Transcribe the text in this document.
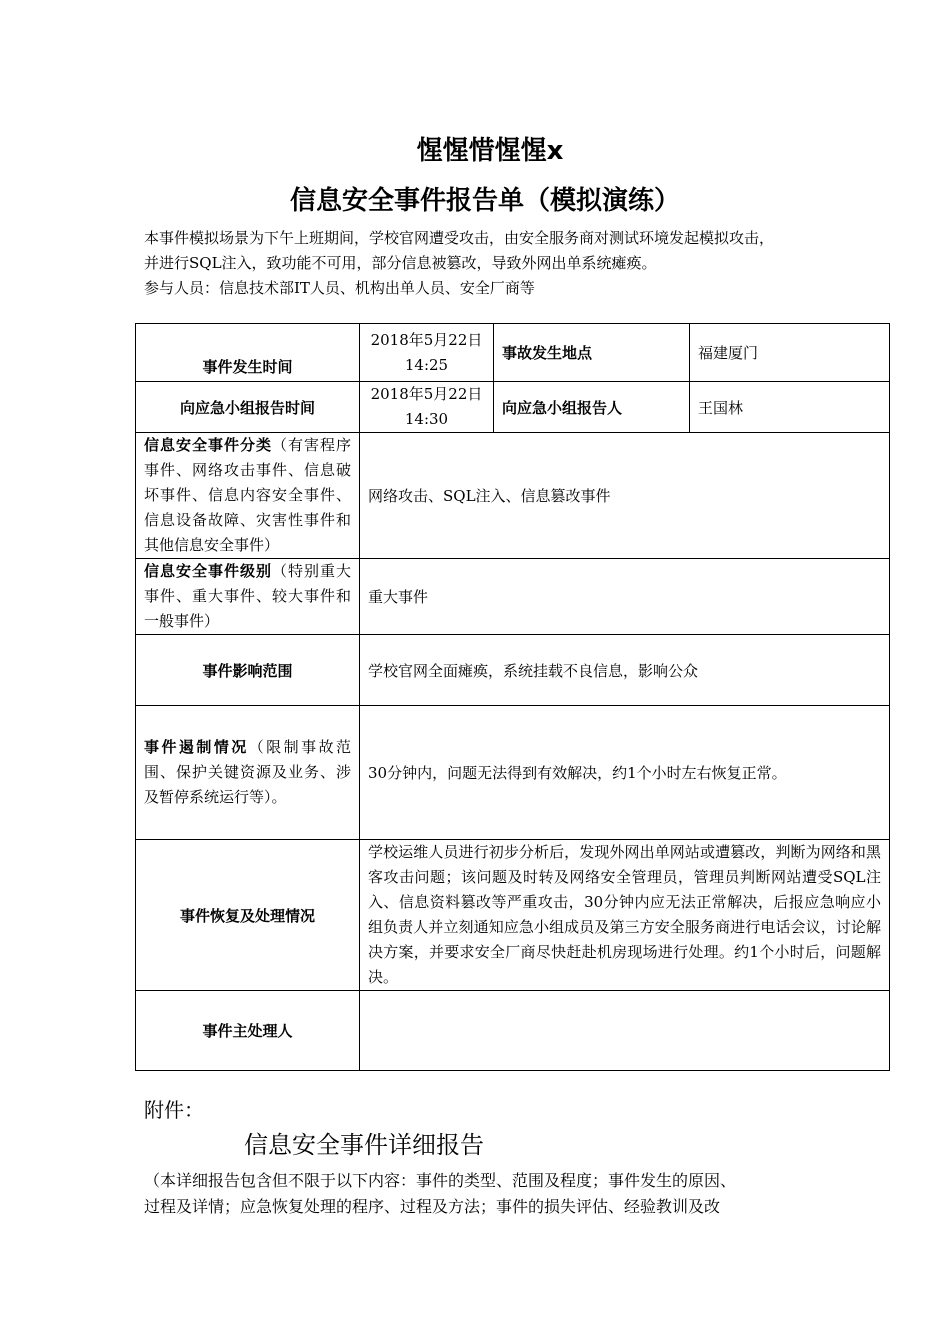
惺惺惜惺惺x
信息安全事件报告单（模拟演练）
本事件模拟场景为下午上班期间，学校官网遭受攻击，由安全服务商对测试环境发起模拟攻击，
并进行SQL注入，致功能不可用，部分信息被篡改，导致外网出单系统瘫痪。
参与人员：信息技术部IT人员、机构出单人员、安全厂商等
事件发生时间	2018年5月22日14:25	事故发生地点	福建厦门
向应急小组报告时间	2018年5月22日14:30	向应急小组报告人	王国林
信息安全事件分类（有害程序事件、网络攻击事件、信息破坏事件、信息内容安全事件、信息设备故障、灾害性事件和其他信息安全事件）	网络攻击、SQL注入、信息篡改事件		
信息安全事件级别（特别重大事件、重大事件、较大事件和一般事件）	重大事件		
事件影响范围	学校官网全面瘫痪，系统挂载不良信息，影响公众		
事件遏制情况（限制事故范围、保护关键资源及业务、涉及暂停系统运行等）。	30分钟内，问题无法得到有效解决，约1个小时左右恢复正常。		
事件恢复及处理情况	学校运维人员进行初步分析后，发现外网出单网站或遭篡改，判断为网络和黑客攻击问题；该问题及时转及网络安全管理员，管理员判断网站遭受SQL注入、信息资料篡改等严重攻击，30分钟内应无法正常解决，后报应急响应小组负责人并立刻通知应急小组成员及第三方安全服务商进行电话会议，讨论解决方案，并要求安全厂商尽快赶赴机房现场进行处理。约1个小时后，问题解决。		
事件主处理人			
附件：
信息安全事件详细报告
（本详细报告包含但不限于以下内容：事件的类型、范围及程度；事件发生的原因、
过程及详情；应急恢复处理的程序、过程及方法；事件的损失评估、经验教训及改
